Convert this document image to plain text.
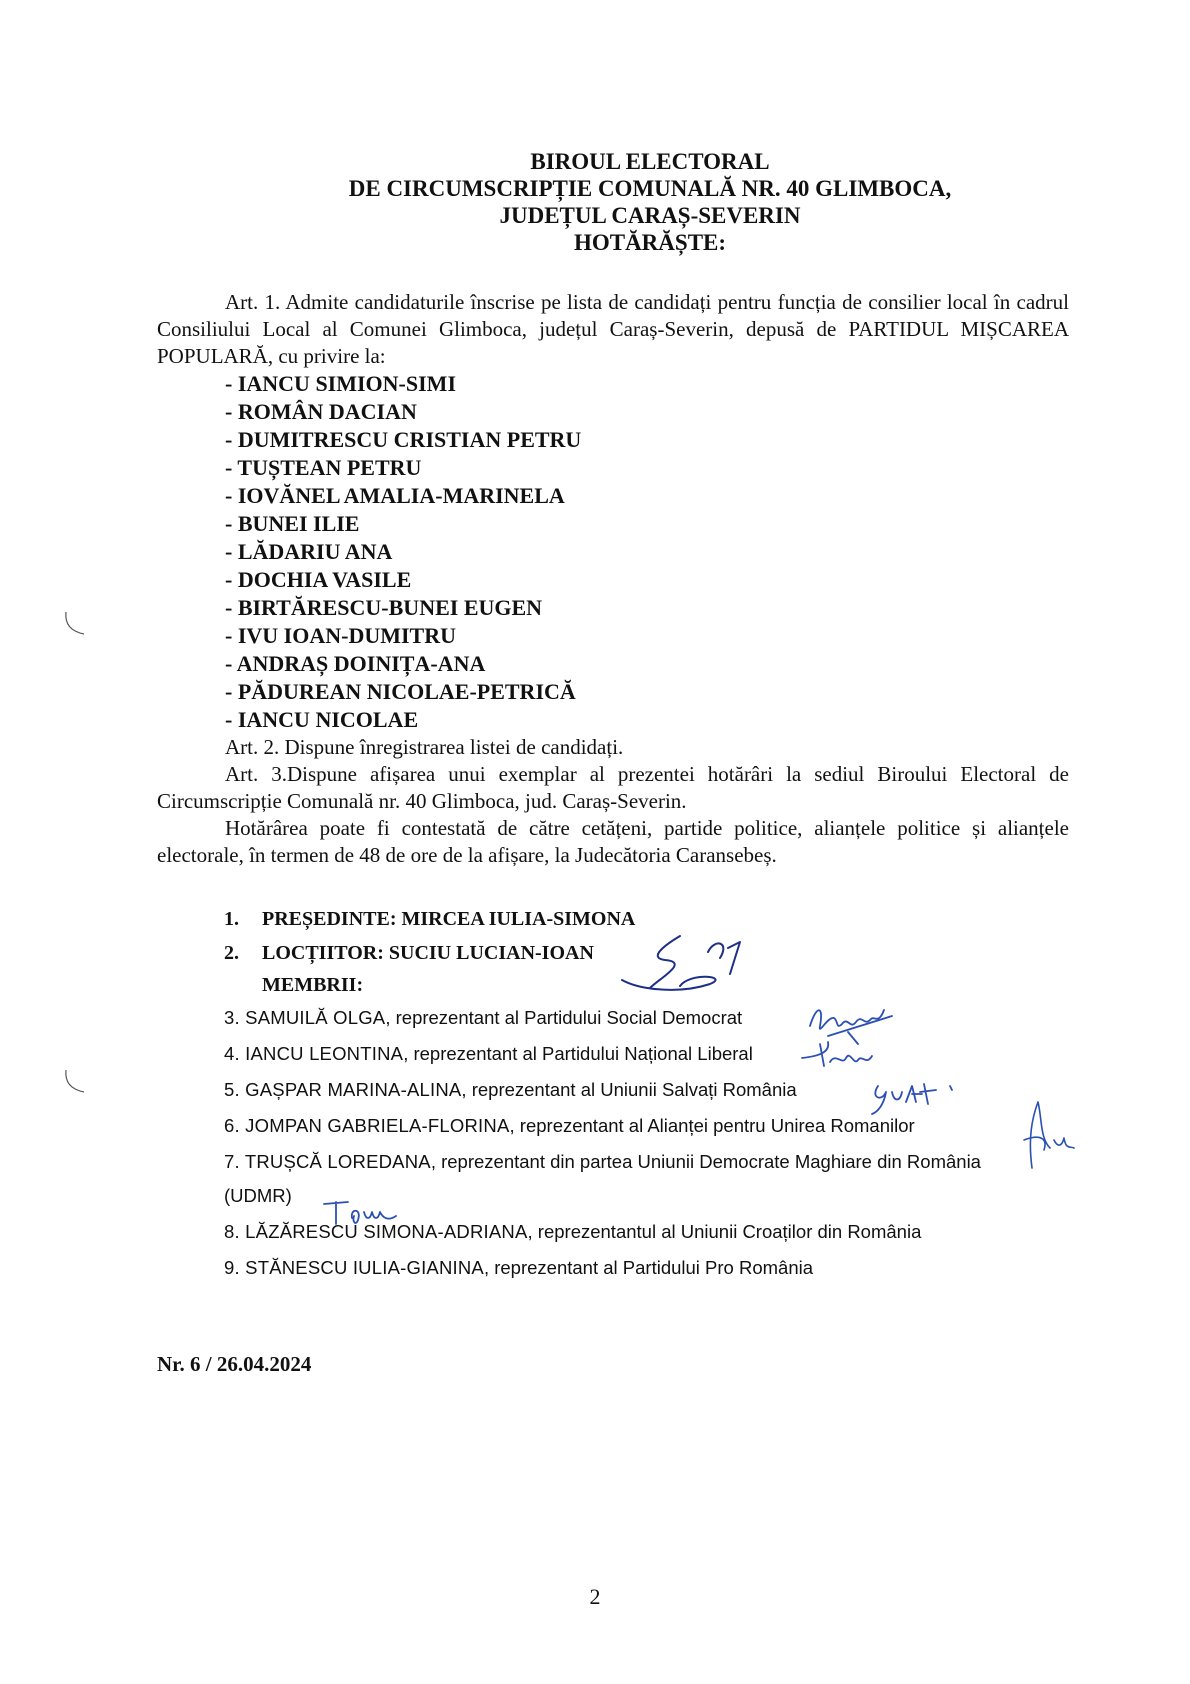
BIROUL ELECTORAL
DE CIRCUMSCRIPȚIE COMUNALĂ NR. 40 GLIMBOCA,
JUDEȚUL CARAȘ-SEVERIN
HOTĂRĂȘTE:

Art. 1. Admite candidaturile înscrise pe lista de candidați pentru funcția de consilier local în cadrul Consiliului Local al Comunei Glimboca, județul Caraș-Severin, depusă de PARTIDUL MIȘCAREA POPULARĂ, cu privire la:

- IANCU SIMION-SIMI
- ROMÂN DACIAN
- DUMITRESCU CRISTIAN PETRU
- TUȘTEAN PETRU
- IOVĂNEL AMALIA-MARINELA
- BUNEI ILIE
- LĂDARIU ANA
- DOCHIA VASILE
- BIRTĂRESCU-BUNEI EUGEN
- IVU IOAN-DUMITRU
- ANDRAȘ DOINIȚA-ANA
- PĂDUREAN NICOLAE-PETRICĂ
- IANCU NICOLAE

Art. 2. Dispune înregistrarea listei de candidați.

Art. 3.Dispune afișarea unui exemplar al prezentei hotărâri la sediul Biroului Electoral de Circumscripție Comunală nr. 40 Glimboca, jud. Caraș-Severin.

Hotărârea poate fi contestată de către cetățeni, partide politice, alianțele politice și alianțele electorale, în termen de 48 de ore de la afișare, la Judecătoria Caransebeș.

1. PREȘEDINTE: MIRCEA IULIA-SIMONA
2. LOCȚIITOR: SUCIU LUCIAN-IOAN
MEMBRII:
3. SAMUILĂ OLGA, reprezentant al Partidului Social Democrat
4. IANCU LEONTINA, reprezentant al Partidului Național Liberal
5. GAȘPAR MARINA-ALINA, reprezentant al Uniunii Salvați România
6. JOMPAN GABRIELA-FLORINA, reprezentant al Alianței pentru Unirea Romanilor
7. TRUȘCĂ LOREDANA, reprezentant din partea Uniunii Democrate Maghiare din România
(UDMR)
8. LĂZĂRESCU SIMONA-ADRIANA, reprezentantul al Uniunii Croaților din România
9. STĂNESCU IULIA-GIANINA, reprezentant al Partidului Pro România
Nr. 6 / 26.04.2024
2
